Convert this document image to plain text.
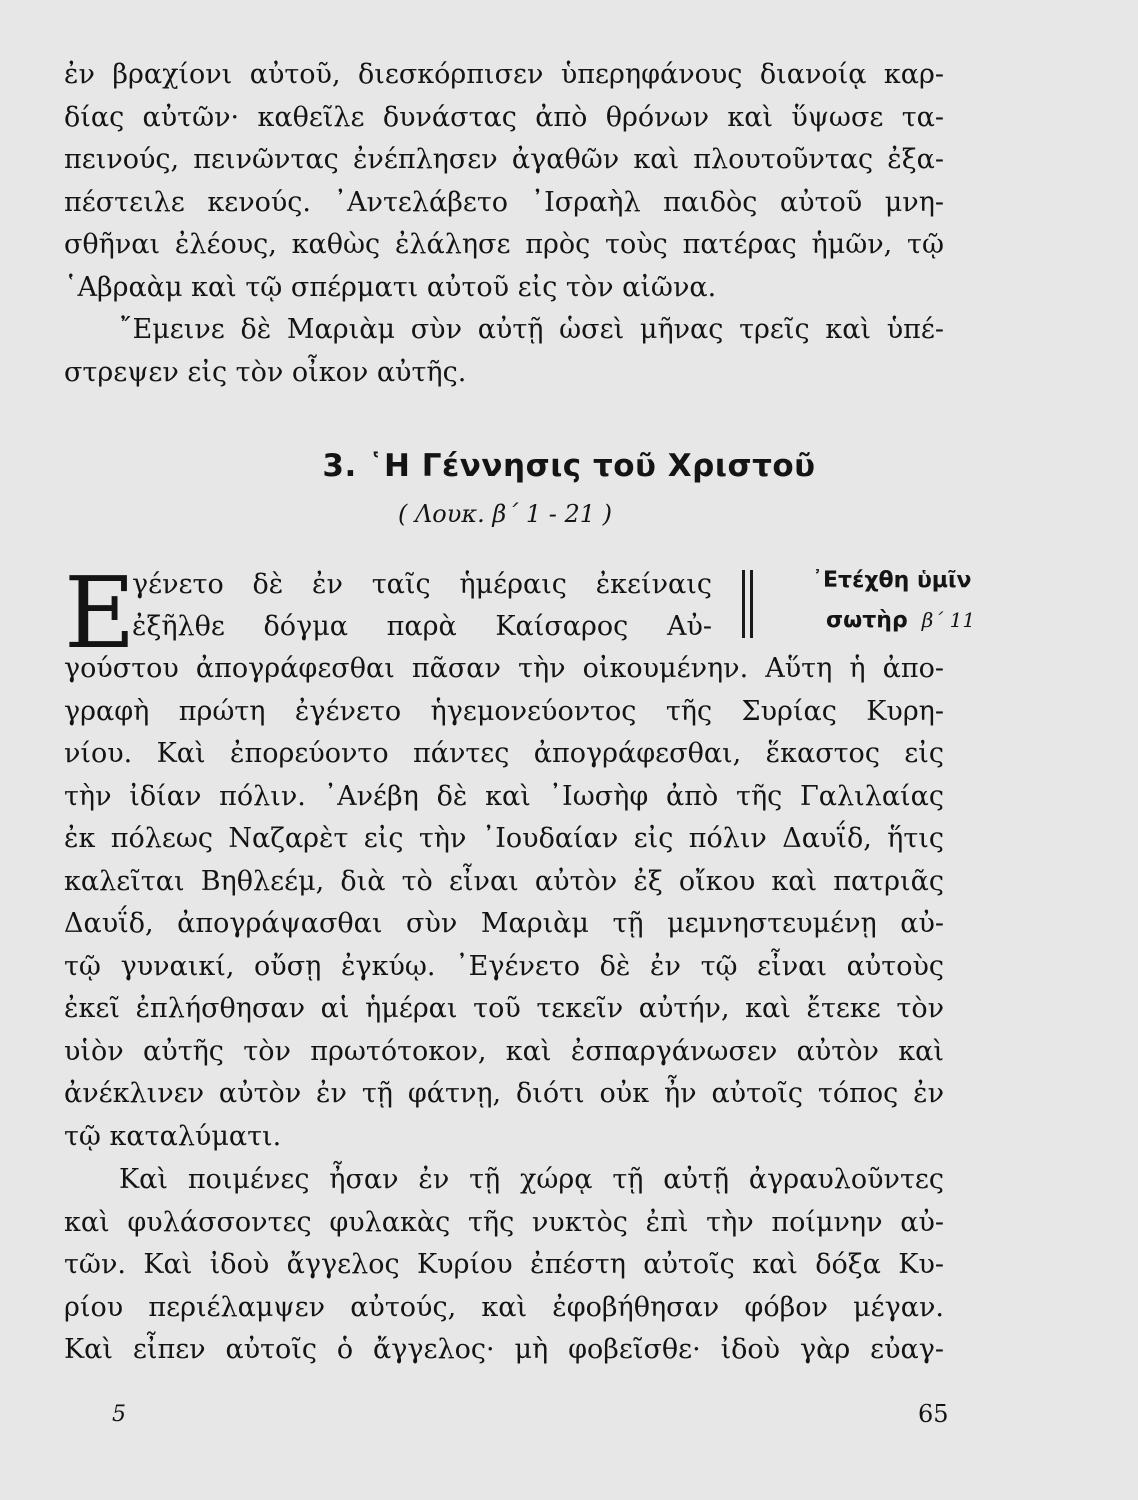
ἐν βραχίονι αὐτοῦ, διεσκόρπισεν ὑπερηφάνους διανοίᾳ καρ-
δίας αὐτῶν· καθεῖλε δυνάστας ἀπὸ θρόνων καὶ ὕψωσε τα-
πεινούς, πεινῶντας ἐνέπλησεν ἀγαθῶν καὶ πλουτοῦντας ἐξα-
πέστειλε κενούς. ᾿Αντελάβετο ᾿Ισραὴλ παιδὸς αὐτοῦ μνη-
σθῆναι ἐλέους, καθὼς ἐλάλησε πρὸς τοὺς πατέρας ἡμῶν, τῷ
῾Αβραὰμ καὶ τῷ σπέρματι αὐτοῦ εἰς τὸν αἰῶνα.
῎Εμεινε δὲ Μαριὰμ σὺν αὐτῇ ὡσεὶ μῆνας τρεῖς καὶ ὑπέ-
στρεψεν εἰς τὸν οἶκον αὐτῆς.
3. ῾Η Γέννησις τοῦ Χριστοῦ
( Λουκ. β΄ 1 - 21 )
Ε
γένετο δὲ ἐν ταῖς ἡμέραις ἐκείναις
ἐξῆλθε δόγμα παρὰ Καίσαρος Αὐ-
᾿Ετέχθη ὑμῖν
σωτὴρ β΄ 11
γούστου ἀπογράφεσθαι πᾶσαν τὴν οἰκουμένην. Αὕτη ἡ ἀπο-
γραφὴ πρώτη ἐγένετο ἡγεμονεύοντος τῆς Συρίας Κυρη-
νίου. Καὶ ἐπορεύοντο πάντες ἀπογράφεσθαι, ἕκαστος εἰς
τὴν ἰδίαν πόλιν. ᾿Ανέβη δὲ καὶ ᾿Ιωσὴφ ἀπὸ τῆς Γαλιλαίας
ἐκ πόλεως Ναζαρὲτ εἰς τὴν ᾿Ιουδαίαν εἰς πόλιν Δαυΐδ, ἥτις
καλεῖται Βηθλεέμ, διὰ τὸ εἶναι αὐτὸν ἐξ οἴκου καὶ πατριᾶς
Δαυΐδ, ἀπογράψασθαι σὺν Μαριὰμ τῇ μεμνηστευμένῃ αὐ-
τῷ γυναικί, οὔσῃ ἐγκύῳ. ᾿Εγένετο δὲ ἐν τῷ εἶναι αὐτοὺς
ἐκεῖ ἐπλήσθησαν αἱ ἡμέραι τοῦ τεκεῖν αὐτήν, καὶ ἔτεκε τὸν
υἱὸν αὐτῆς τὸν πρωτότοκον, καὶ ἐσπαργάνωσεν αὐτὸν καὶ
ἀνέκλινεν αὐτὸν ἐν τῇ φάτνῃ, διότι οὐκ ἦν αὐτοῖς τόπος ἐν
τῷ καταλύματι.
Καὶ ποιμένες ἦσαν ἐν τῇ χώρᾳ τῇ αὐτῇ ἀγραυλοῦντες
καὶ φυλάσσοντες φυλακὰς τῆς νυκτὸς ἐπὶ τὴν ποίμνην αὐ-
τῶν. Καὶ ἰδοὺ ἄγγελος Κυρίου ἐπέστη αὐτοῖς καὶ δόξα Κυ-
ρίου περιέλαμψεν αὐτούς, καὶ ἐφοβήθησαν φόβον μέγαν.
Καὶ εἶπεν αὐτοῖς ὁ ἄγγελος· μὴ φοβεῖσθε· ἰδοὺ γὰρ εὐαγ-
5	65
